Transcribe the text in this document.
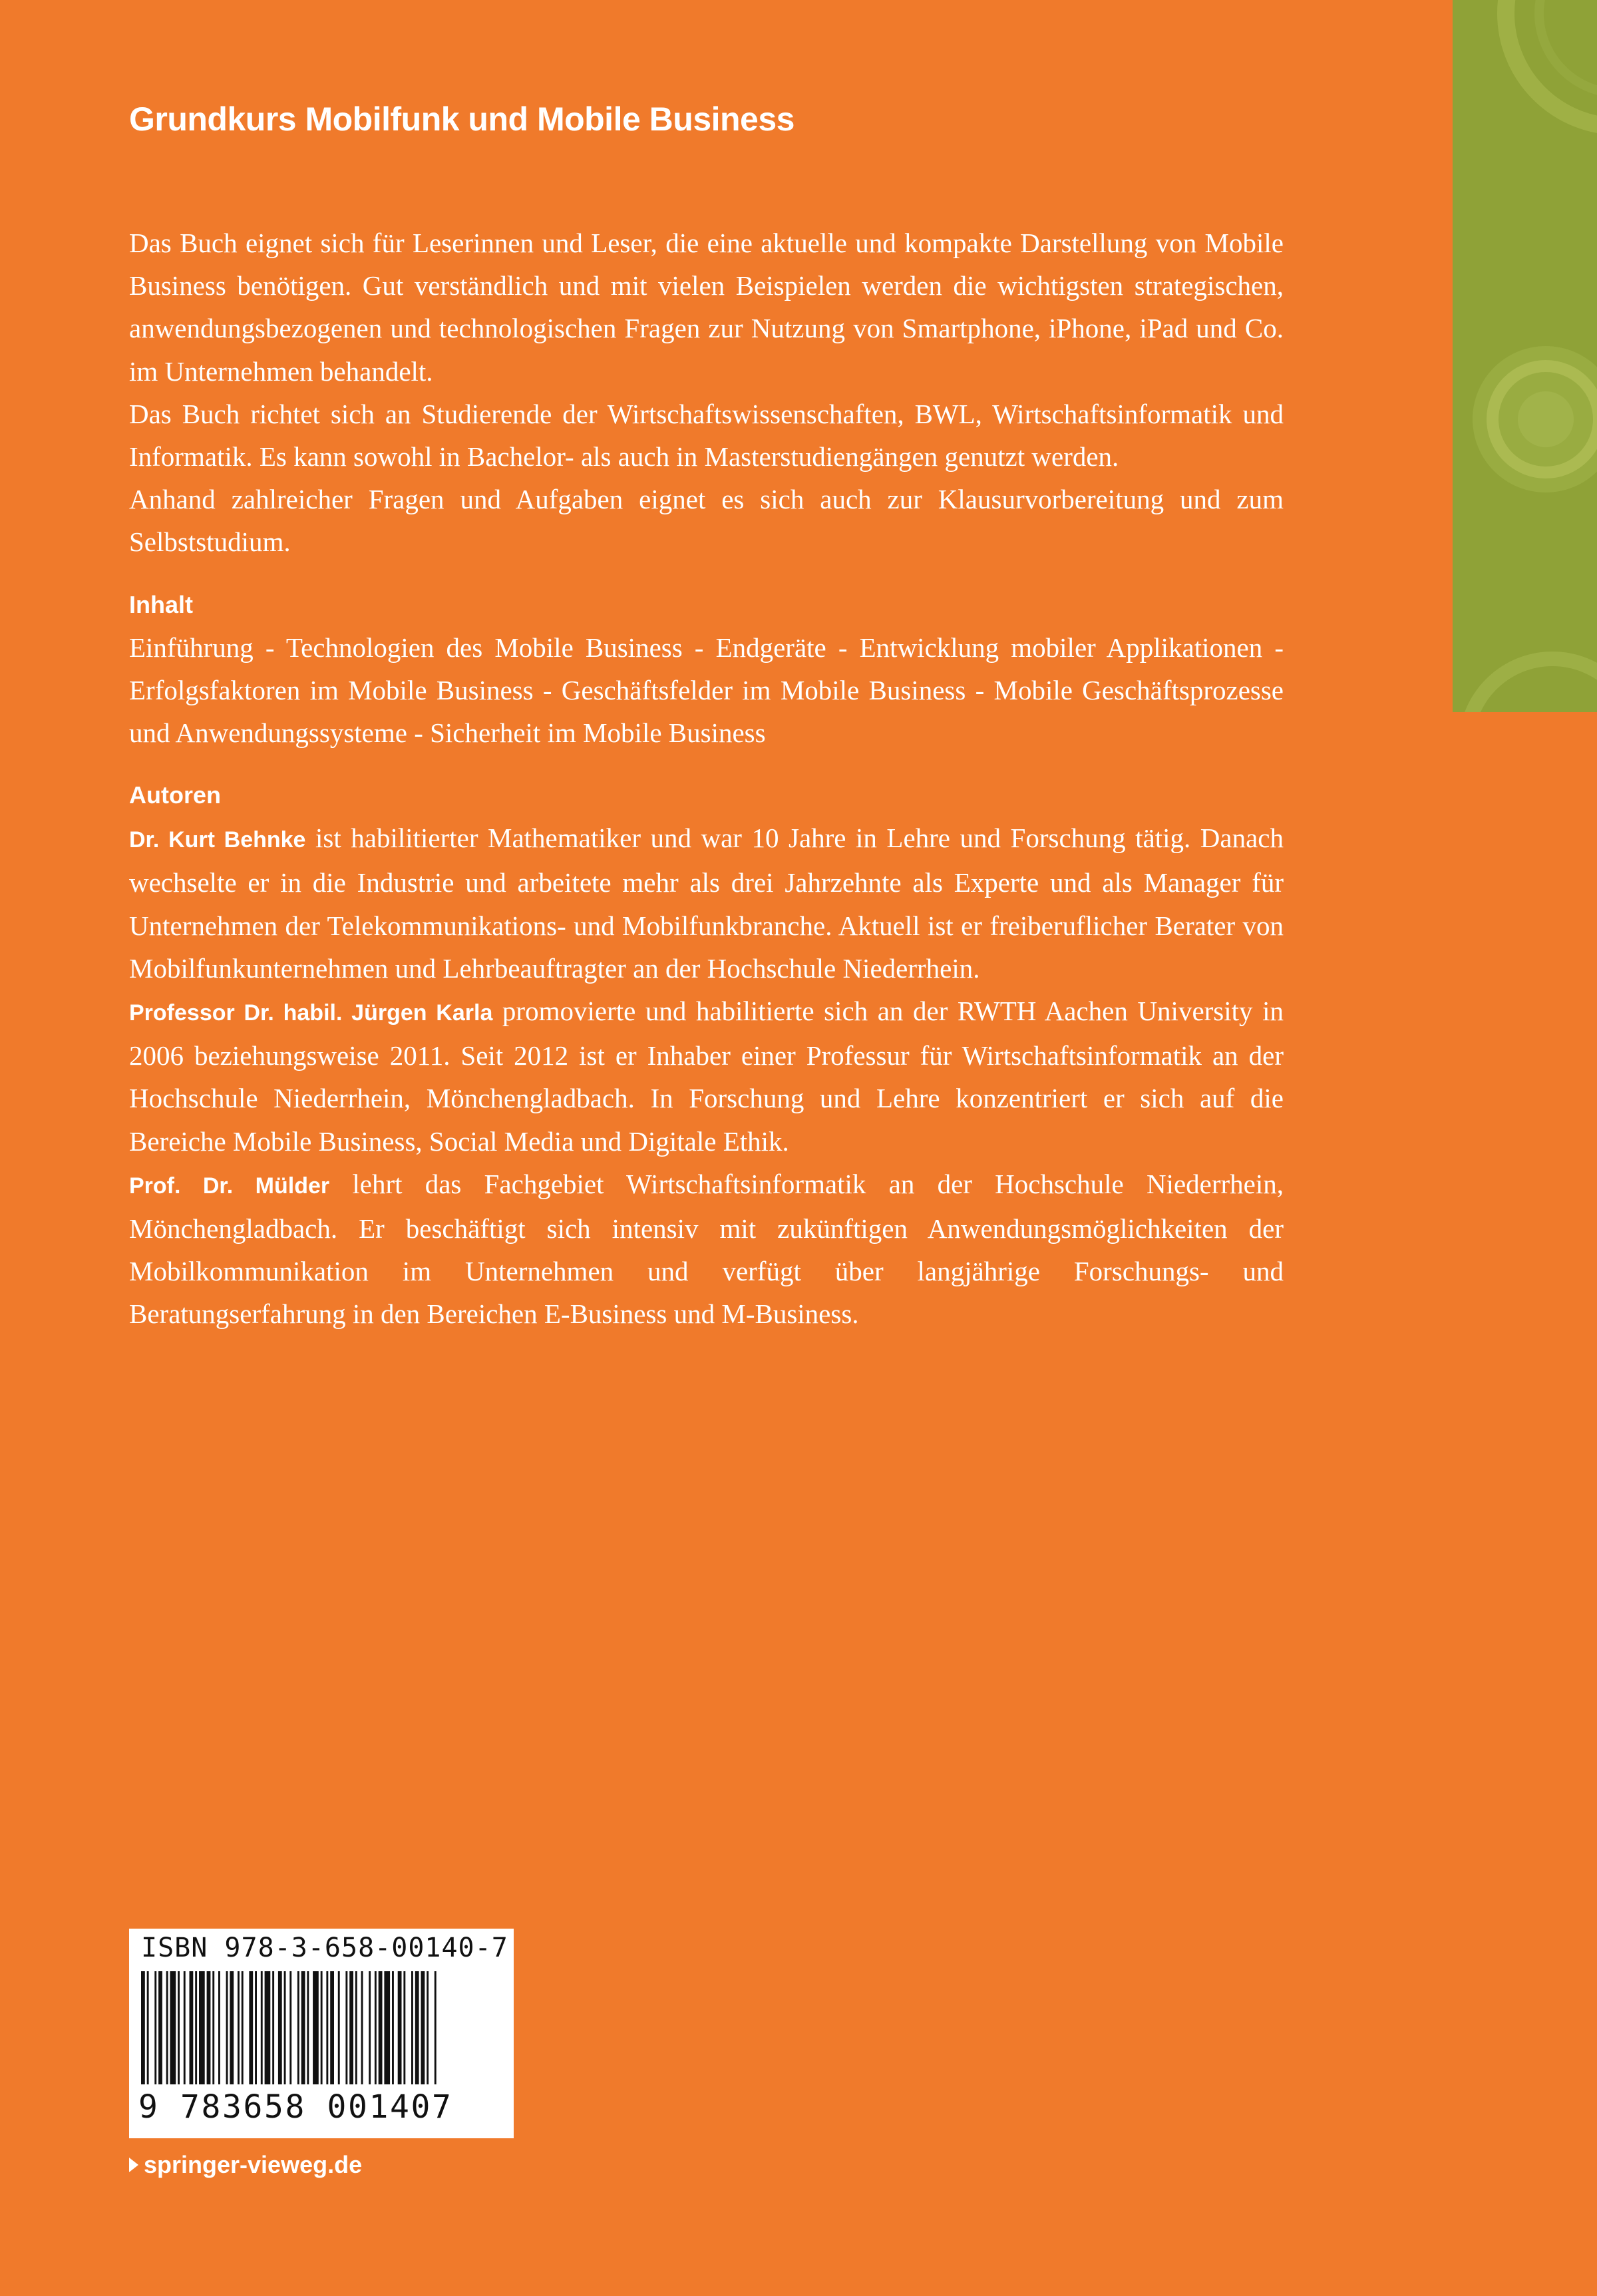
Grundkurs Mobilfunk und Mobile Business

Das Buch eignet sich für Leserinnen und Leser, die eine aktuelle und kompakte Darstellung von Mobile Business benötigen. Gut verständlich und mit vielen Beispielen werden die wichtigsten strategischen, anwendungsbezogenen und technologischen Fragen zur Nutzung von Smartphone, iPhone, iPad und Co. im Unternehmen behandelt.

Das Buch richtet sich an Studierende der Wirtschaftswissenschaften, BWL, Wirtschaftsinformatik und Informatik. Es kann sowohl in Bachelor- als auch in Masterstudiengängen genutzt werden.

Anhand zahlreicher Fragen und Aufgaben eignet es sich auch zur Klausurvorbereitung und zum Selbststudium.

Inhalt

Einführung - Technologien des Mobile Business - Endgeräte - Entwicklung mobiler Applikationen - Erfolgsfaktoren im Mobile Business - Geschäftsfelder im Mobile Business - Mobile Geschäftsprozesse und Anwendungssysteme - Sicherheit im Mobile Business

Autoren

Dr. Kurt Behnke ist habilitierter Mathematiker und war 10 Jahre in Lehre und Forschung tätig. Danach wechselte er in die Industrie und arbeitete mehr als drei Jahrzehnte als Experte und als Manager für Unternehmen der Telekommunikations- und Mobilfunkbranche. Aktuell ist er freiberuflicher Berater von Mobilfunkunternehmen und Lehrbeauftragter an der Hochschule Niederrhein.

Professor Dr. habil. Jürgen Karla promovierte und habilitierte sich an der RWTH Aachen University in 2006 beziehungsweise 2011. Seit 2012 ist er Inhaber einer Professur für Wirtschaftsinformatik an der Hochschule Niederrhein, Mönchengladbach. In Forschung und Lehre konzentriert er sich auf die Bereiche Mobile Business, Social Media und Digitale Ethik.

Prof. Dr. Mülder lehrt das Fachgebiet Wirtschaftsinformatik an der Hochschule Niederrhein, Mönchengladbach. Er beschäftigt sich intensiv mit zukünftigen Anwendungsmöglichkeiten der Mobilkommunikation im Unternehmen und verfügt über langjährige Forschungs- und Beratungserfahrung in den Bereichen E-Business und M-Business.

ISBN 978-3-658-00140-7
9 783658 001407
springer-vieweg.de
